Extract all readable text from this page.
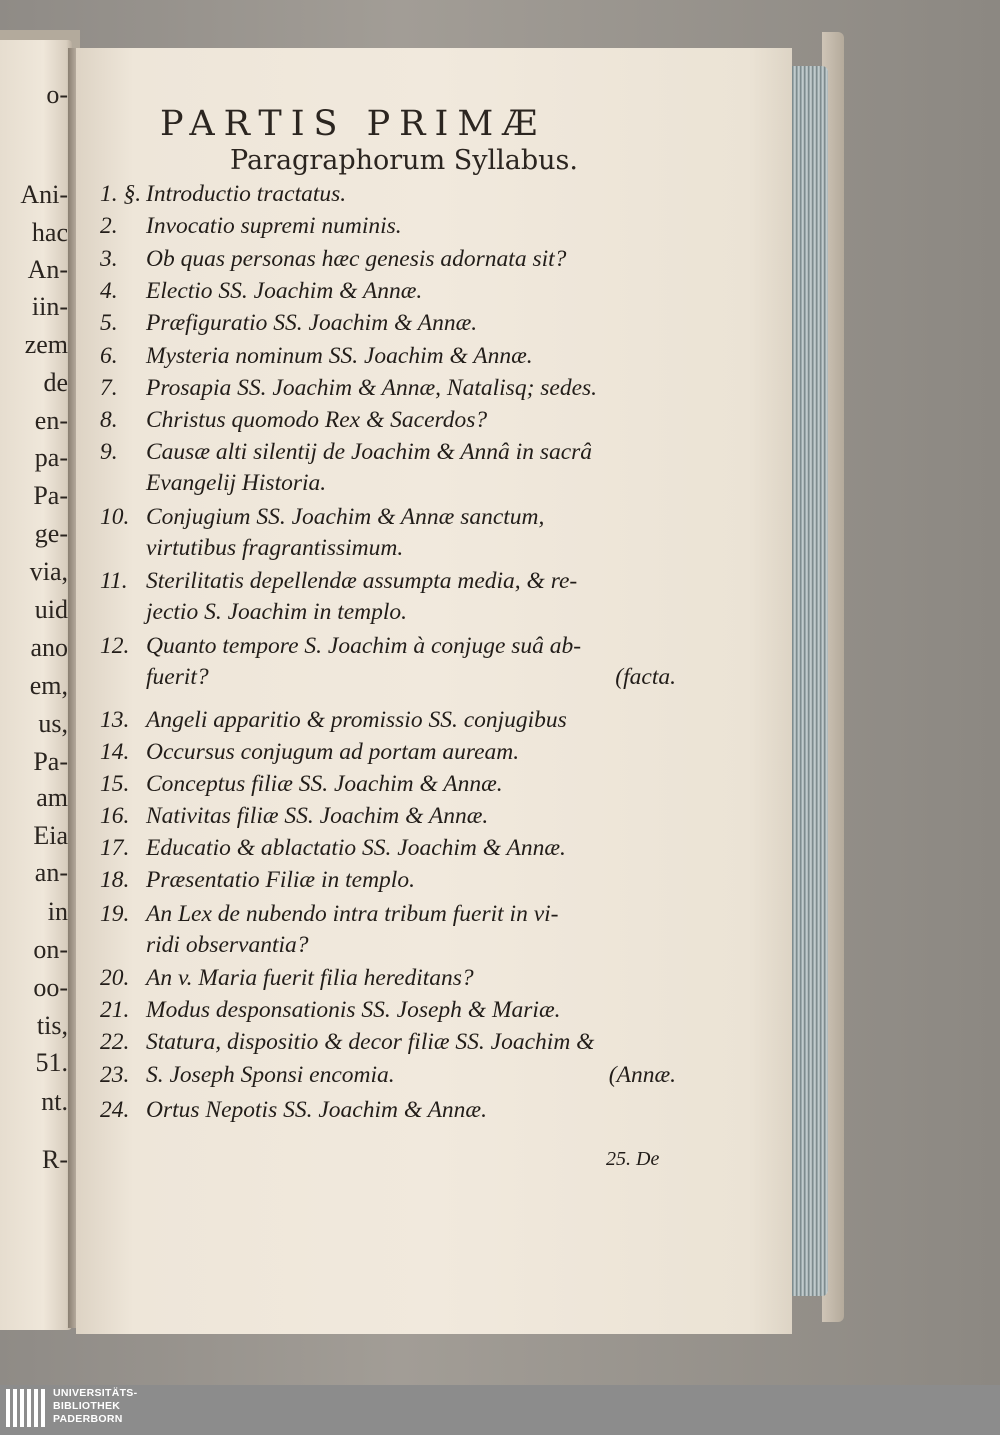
o-
Ani-
hac
An-
iin-
zem
de
en-
pa-
Pa-
ge-
via,
uid
ano
em,
us,
Pa-
am
Eia
an-
in
on-
oo-
tis,
51.
nt.
R-
PARTIS PRIMÆ
Paragraphorum Syllabus.
1. §. Introductio tractatus.
2. Invocatio supremi numinis.
3. Ob quas personas hæc genesis adornata sit?
4. Electio SS. Joachim & Annæ.
5. Præfiguratio SS. Joachim & Annæ.
6. Mysteria nominum SS. Joachim & Annæ.
7. Prosapia SS. Joachim & Annæ, Natalisq; sedes.
8. Christus quomodo Rex & Sacerdos?
9. Causæ alti silentij de Joachim & Annâ in sacrâ
Evangelij Historia.
10. Conjugium SS. Joachim & Annæ sanctum,
virtutibus fragrantissimum.
11. Sterilitatis depellendæ assumpta media, & re-
jectio S. Joachim in templo.
12. Quanto tempore S. Joachim à conjuge suâ ab-
fuerit?	(facta.
13. Angeli apparitio & promissio SS. conjugibus
14. Occursus conjugum ad portam auream.
15. Conceptus filiæ SS. Joachim & Annæ.
16. Nativitas filiæ SS. Joachim & Annæ.
17. Educatio & ablactatio SS. Joachim & Annæ.
18. Præsentatio Filiæ in templo.
19. An Lex de nubendo intra tribum fuerit in vi-
ridi observantia?
20. An v. Maria fuerit filia hereditans?
21. Modus desponsationis SS. Joseph & Mariæ.
22. Statura, dispositio & decor filiæ SS. Joachim &
23. S. Joseph Sponsi encomia.	(Annæ.
24. Ortus Nepotis SS. Joachim & Annæ.
25. De
UNIVERSITÄTS-
BIBLIOTHEK
PADERBORN
